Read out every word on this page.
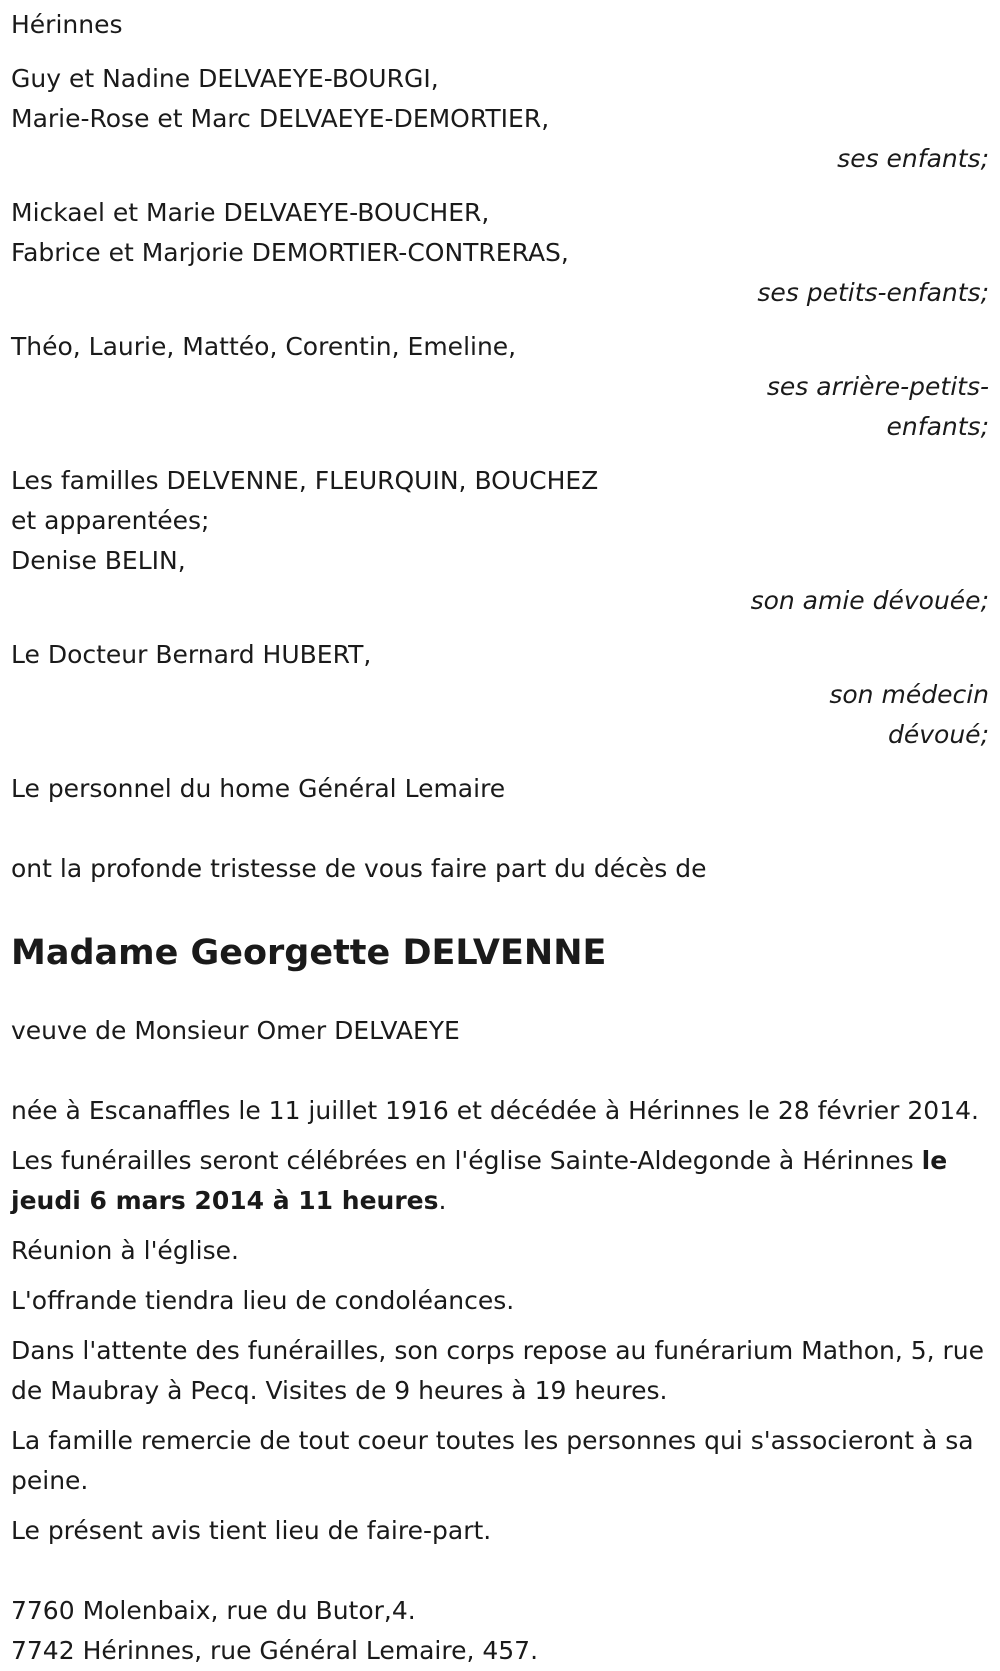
Hérinnes
Guy et Nadine DELVAEYE-BOURGI,
Marie-Rose et Marc DELVAEYE-DEMORTIER,
ses enfants;
Mickael et Marie DELVAEYE-BOUCHER,
Fabrice et Marjorie DEMORTIER-CONTRERAS,
ses petits-enfants;
Théo, Laurie, Mattéo, Corentin, Emeline,
ses arrière-petits-enfants;
Les familles DELVENNE, FLEURQUIN, BOUCHEZ
et apparentées;
Denise BELIN,
son amie dévouée;
Le Docteur Bernard HUBERT,
son médecin dévoué;
Le personnel du home Général Lemaire
ont la profonde tristesse de vous faire part du décès de
Madame Georgette DELVENNE
veuve de Monsieur Omer DELVAEYE
née à Escanaffles le 11 juillet 1916 et décédée à Hérinnes le 28 février 2014.
Les funérailles seront célébrées en l'église Sainte-Aldegonde à Hérinnes le jeudi 6 mars 2014 à 11 heures.
Réunion à l'église.
L'offrande tiendra lieu de condoléances.
Dans l'attente des funérailles, son corps repose au funérarium Mathon, 5, rue de Maubray à Pecq. Visites de 9 heures à 19 heures.
La famille remercie de tout coeur toutes les personnes qui s'associeront à sa peine.
Le présent avis tient lieu de faire-part.
7760 Molenbaix, rue du Butor,4.
7742 Hérinnes, rue Général Lemaire, 457.
